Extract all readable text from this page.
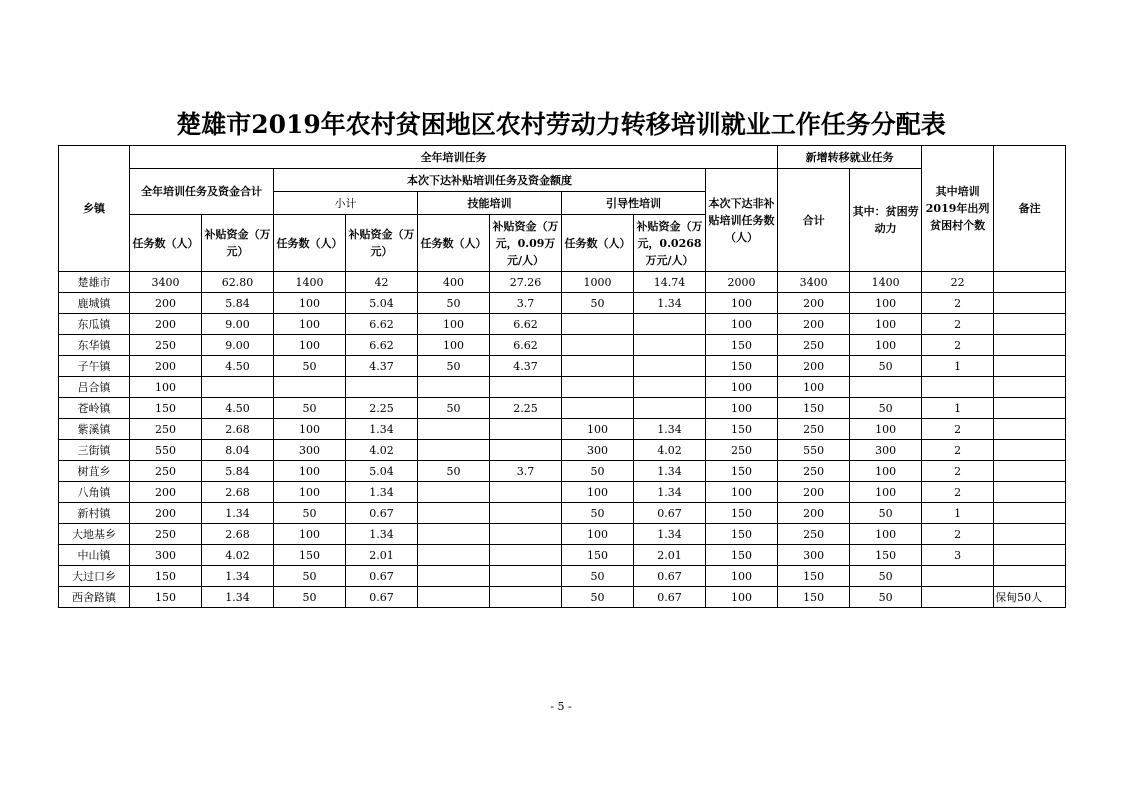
楚雄市2019年农村贫困地区农村劳动力转移培训就业工作任务分配表
乡镇	全年培训任务									新增转移就业任务		其中培训2019年出列贫困村个数	备注
	全年培训任务及资金合计		本次下达补贴培训任务及资金额度						本次下达非补贴培训任务数（人）	合计	其中：贫困劳动力		
			小计		技能培训		引导性培训						
	任务数（人）	补贴资金（万元）	任务数（人）	补贴资金（万元）	任务数（人）	补贴资金（万元，0.09万元/人）	任务数（人）	补贴资金（万元，0.0268万元/人）					
楚雄市	3400	62.80	1400	42	400	27.26	1000	14.74	2000	3400	1400	22	
鹿城镇	200	5.84	100	5.04	50	3.7	50	1.34	100	200	100	2	
东瓜镇	200	9.00	100	6.62	100	6.62			100	200	100	2	
东华镇	250	9.00	100	6.62	100	6.62			150	250	100	2	
子午镇	200	4.50	50	4.37	50	4.37			150	200	50	1	
吕合镇	100								100	100			
苍岭镇	150	4.50	50	2.25	50	2.25			100	150	50	1	
紫溪镇	250	2.68	100	1.34			100	1.34	150	250	100	2	
三街镇	550	8.04	300	4.02			300	4.02	250	550	300	2	
树苴乡	250	5.84	100	5.04	50	3.7	50	1.34	150	250	100	2	
八角镇	200	2.68	100	1.34			100	1.34	100	200	100	2	
新村镇	200	1.34	50	0.67			50	0.67	150	200	50	1	
大地基乡	250	2.68	100	1.34			100	1.34	150	250	100	2	
中山镇	300	4.02	150	2.01			150	2.01	150	300	150	3	
大过口乡	150	1.34	50	0.67			50	0.67	100	150	50		
西舍路镇	150	1.34	50	0.67			50	0.67	100	150	50		保甸50人
- 5 -
